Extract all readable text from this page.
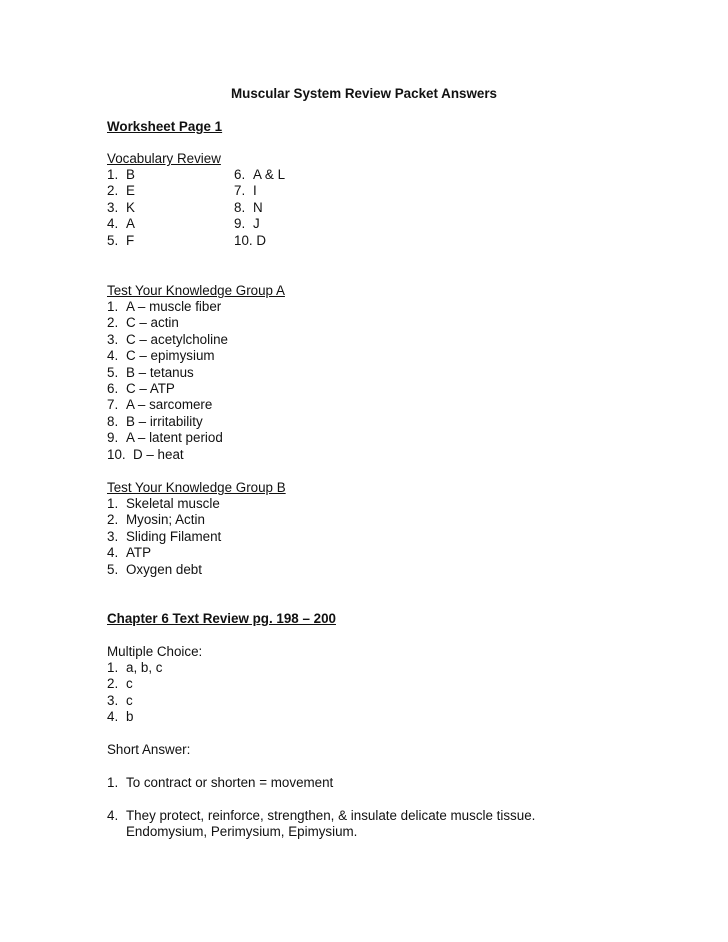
Muscular System Review Packet Answers
Worksheet Page 1
Vocabulary Review
1. B
2. E
3. K
4. A
5. F
6. A & L
7. I
8. N
9. J
10. D
Test Your Knowledge Group A
1. A – muscle fiber
2. C – actin
3. C – acetylcholine
4. C – epimysium
5. B – tetanus
6. C – ATP
7. A – sarcomere
8. B – irritability
9. A – latent period
10. D – heat
Test Your Knowledge Group B
1. Skeletal muscle
2. Myosin; Actin
3. Sliding Filament
4. ATP
5. Oxygen debt
Chapter 6 Text Review pg. 198 – 200
Multiple Choice:
1. a, b, c
2. c
3. c
4. b
Short Answer:
1. To contract or shorten = movement
4. They protect, reinforce, strengthen, & insulate delicate muscle tissue.
Endomysium, Perimysium, Epimysium.
